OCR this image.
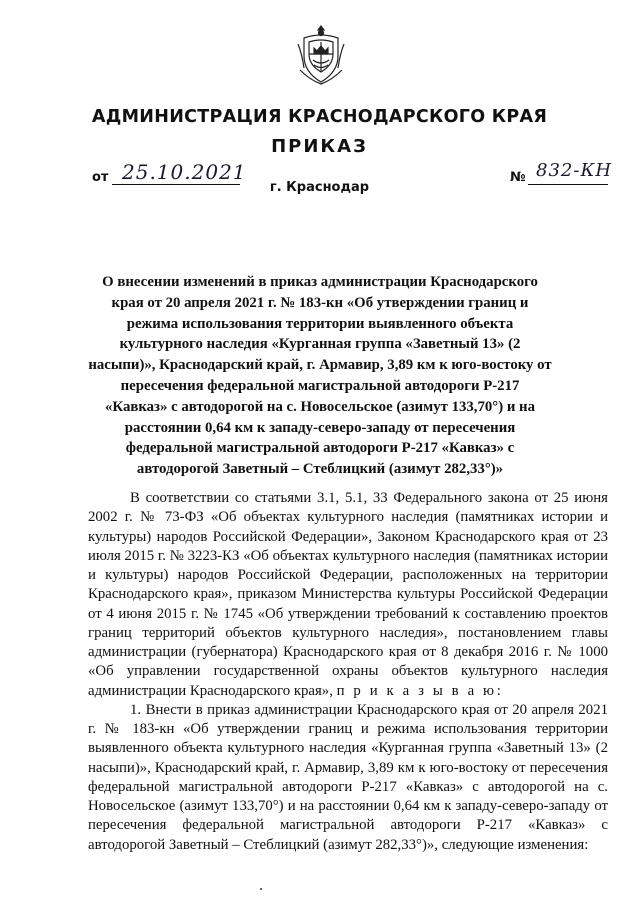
АДМИНИСТРАЦИЯ КРАСНОДАРСКОГО КРАЯ
ПРИКАЗ
от 25.10.2021	№ 832-КН
г. Краснодар
О внесении изменений в приказ администрации Краснодарского края от 20 апреля 2021 г. № 183-кн «Об утверждении границ и режима использования территории выявленного объекта культурного наследия «Курганная группа «Заветный 13» (2 насыпи)», Краснодарский край, г. Армавир, 3,89 км к юго-востоку от пересечения федеральной магистральной автодороги Р-217 «Кавказ» с автодорогой на с. Новосельское (азимут 133,70°) и на расстоянии 0,64 км к западу-северо-западу от пересечения федеральной магистральной автодороги Р-217 «Кавказ» с автодорогой Заветный – Стеблицкий (азимут 282,33°)»

В соответствии со статьями 3.1, 5.1, 33 Федерального закона от 25 июня 2002 г. № 73-ФЗ «Об объектах культурного наследия (памятниках истории и культуры) народов Российской Федерации», Законом Краснодарского края от 23 июля 2015 г. № 3223-КЗ «Об объектах культурного наследия (памятниках истории и культуры) народов Российской Федерации, расположенных на территории Краснодарского края», приказом Министерства культуры Российской Федерации от 4 июня 2015 г. № 1745 «Об утверждении требований к составлению проектов границ территорий объектов культурного наследия», постановлением главы администрации (губернатора) Краснодарского края от 8 декабря 2016 г. № 1000 «Об управлении государственной охраны объектов культурного наследия администрации Краснодарского края», п р и к а з ы в а ю:

1. Внести в приказ администрации Краснодарского края от 20 апреля 2021 г. № 183-кн «Об утверждении границ и режима использования территории выявленного объекта культурного наследия «Курганная группа «Заветный 13» (2 насыпи)», Краснодарский край, г. Армавир, 3,89 км к юго-востоку от пересечения федеральной магистральной автодороги Р-217 «Кавказ» с автодорогой на с. Новосельское (азимут 133,70°) и на расстоянии 0,64 км к западу-северо-западу от пересечения федеральной магистральной автодороги Р-217 «Кавказ» с автодорогой Заветный – Стеблицкий (азимут 282,33°)», следующие изменения:
